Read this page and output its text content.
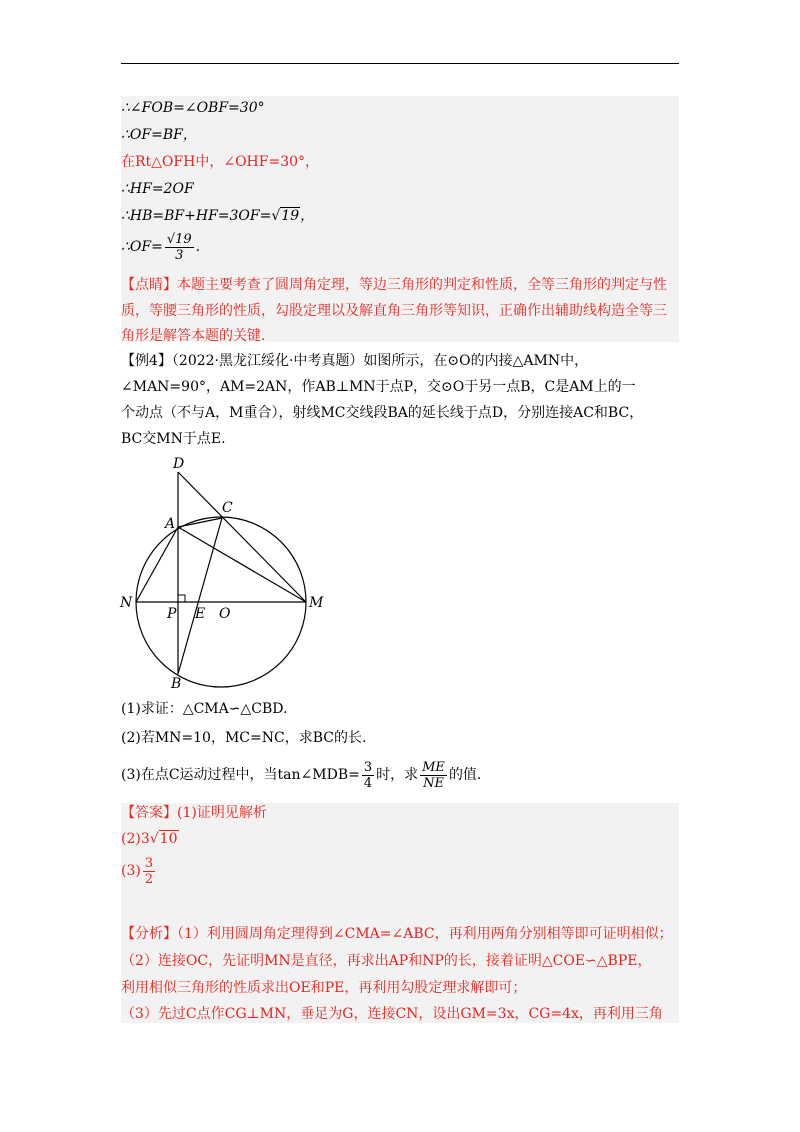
∴∠FOB=∠OBF=30°
∴OF=BF，
在Rt△OFH中，∠OHF=30°，
∴HF=2OF
∴HB=BF+HF=3OF=√19，
∴OF= $\frac{√19}{3}$ .
【点睛】本题主要考查了圆周角定理，等边三角形的判定和性质，全等三角形的判定与性
质，等腰三角形的性质，勾股定理以及解直角三角形等知识，正确作出辅助线构造全等三
角形是解答本题的关键.
【例4】（2022·黑龙江绥化·中考真题）如图所示，在⊙O的内接△AMN中，
∠MAN=90°，AM=2AN，作AB⊥MN于点P，交⊙O于另一点B，C是AM上的一
个动点（不与A，M重合），射线MC交线段BA的延长线于点D，分别连接AC和BC，
BC交MN于点E.
D
C
A
N
P E O
M
B
(1)求证：△CMA∽△CBD.
(2)若MN=10，MC=NC，求BC的长.
(3)在点C运动过程中，当tan∠MDB= $\frac{3}{4}$ 时，求 $\frac{ME}{NE}$ 的值.
【答案】(1)证明见解析
(2)3√10
$(3) \frac{3}{2}$
【分析】（1）利用圆周角定理得到∠CMA=∠ABC，再利用两角分别相等即可证明相似；
（2）连接OC，先证明MN是直径，再求出AP和NP的长，接着证明△COE∽△BPE，
利用相似三角形的性质求出OE和PE，再利用勾股定理求解即可；
（3）先过C点作CG⊥MN，垂足为G，连接CN，设出GM=3x，CG=4x，再利用三角
